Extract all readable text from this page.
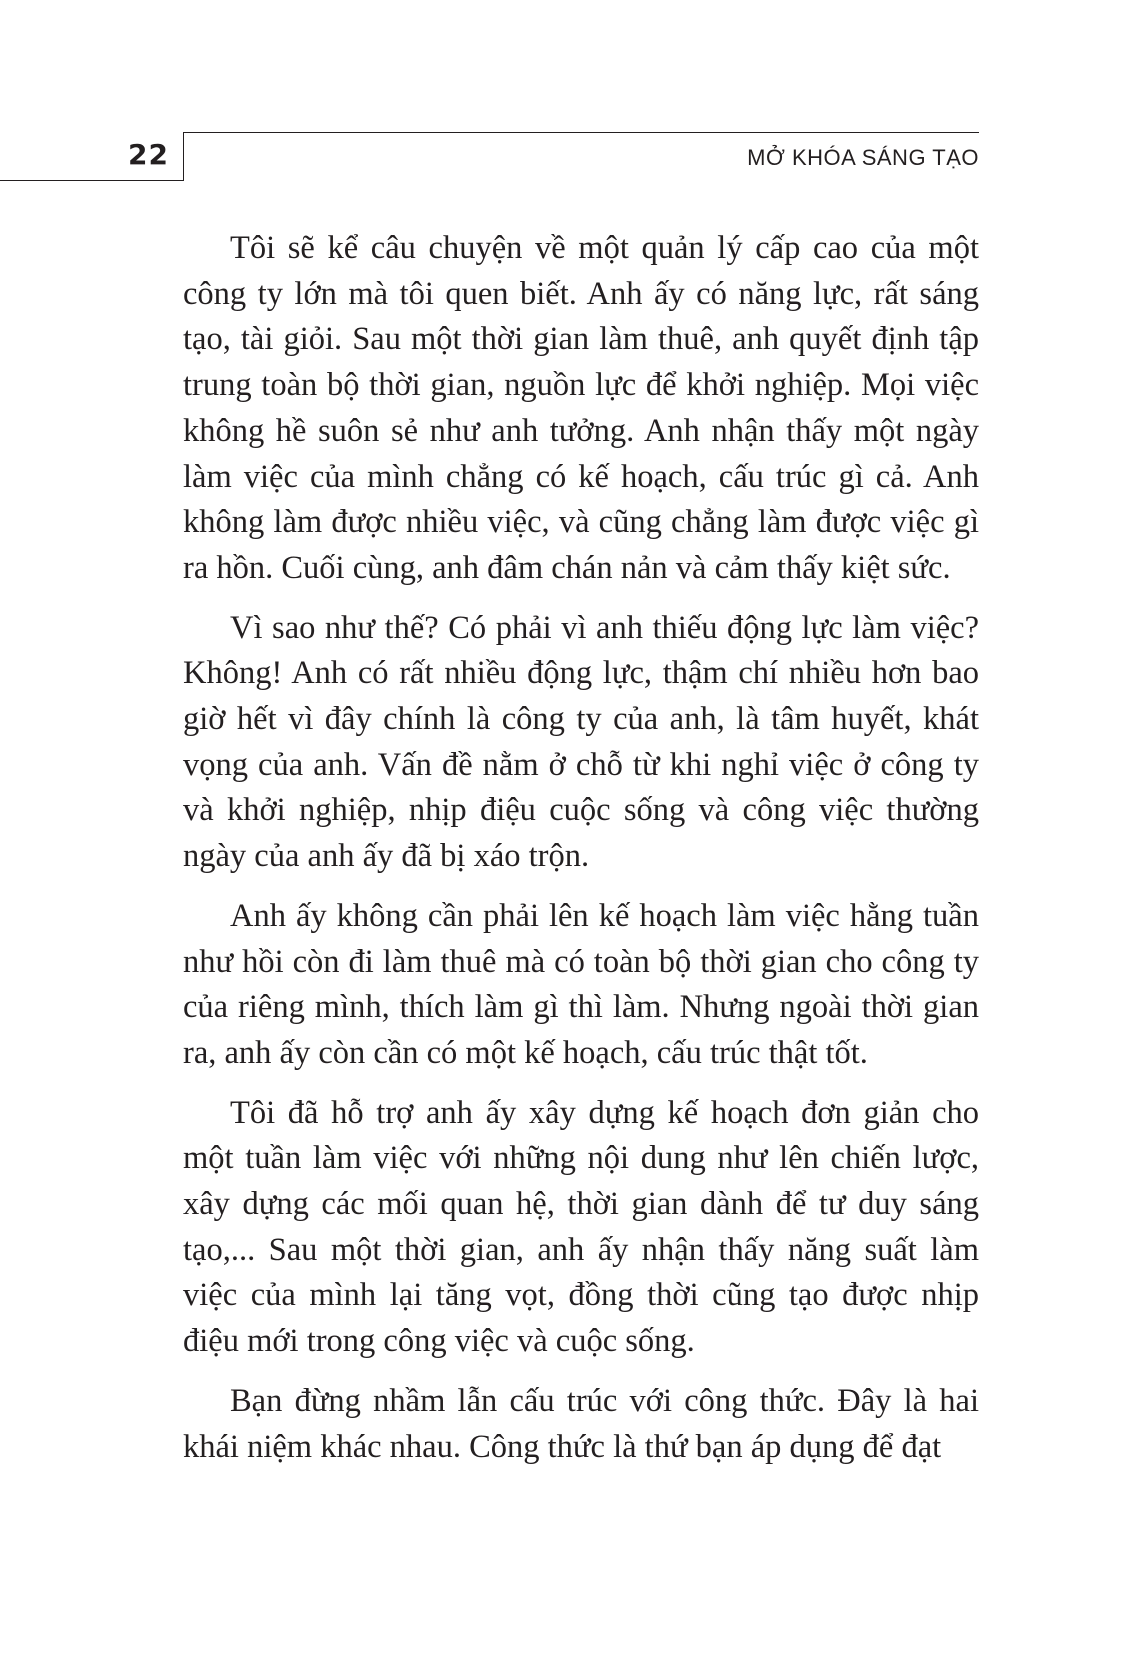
22	MỞ KHÓA SÁNG TẠO

Tôi sẽ kể câu chuyện về một quản lý cấp cao của một công ty lớn mà tôi quen biết. Anh ấy có năng lực, rất sáng tạo, tài giỏi. Sau một thời gian làm thuê, anh quyết định tập trung toàn bộ thời gian, nguồn lực để khởi nghiệp. Mọi việc không hề suôn sẻ như anh tưởng. Anh nhận thấy một ngày làm việc của mình chẳng có kế hoạch, cấu trúc gì cả. Anh không làm được nhiều việc, và cũng chẳng làm được việc gì ra hồn. Cuối cùng, anh đâm chán nản và cảm thấy kiệt sức.

Vì sao như thế? Có phải vì anh thiếu động lực làm việc? Không! Anh có rất nhiều động lực, thậm chí nhiều hơn bao giờ hết vì đây chính là công ty của anh, là tâm huyết, khát vọng của anh. Vấn đề nằm ở chỗ từ khi nghỉ việc ở công ty và khởi nghiệp, nhịp điệu cuộc sống và công việc thường ngày của anh ấy đã bị xáo trộn.

Anh ấy không cần phải lên kế hoạch làm việc hằng tuần như hồi còn đi làm thuê mà có toàn bộ thời gian cho công ty của riêng mình, thích làm gì thì làm. Nhưng ngoài thời gian ra, anh ấy còn cần có một kế hoạch, cấu trúc thật tốt.

Tôi đã hỗ trợ anh ấy xây dựng kế hoạch đơn giản cho một tuần làm việc với những nội dung như lên chiến lược, xây dựng các mối quan hệ, thời gian dành để tư duy sáng tạo,... Sau một thời gian, anh ấy nhận thấy năng suất làm việc của mình lại tăng vọt, đồng thời cũng tạo được nhịp điệu mới trong công việc và cuộc sống.

Bạn đừng nhầm lẫn cấu trúc với công thức. Đây là hai khái niệm khác nhau. Công thức là thứ bạn áp dụng để đạt
